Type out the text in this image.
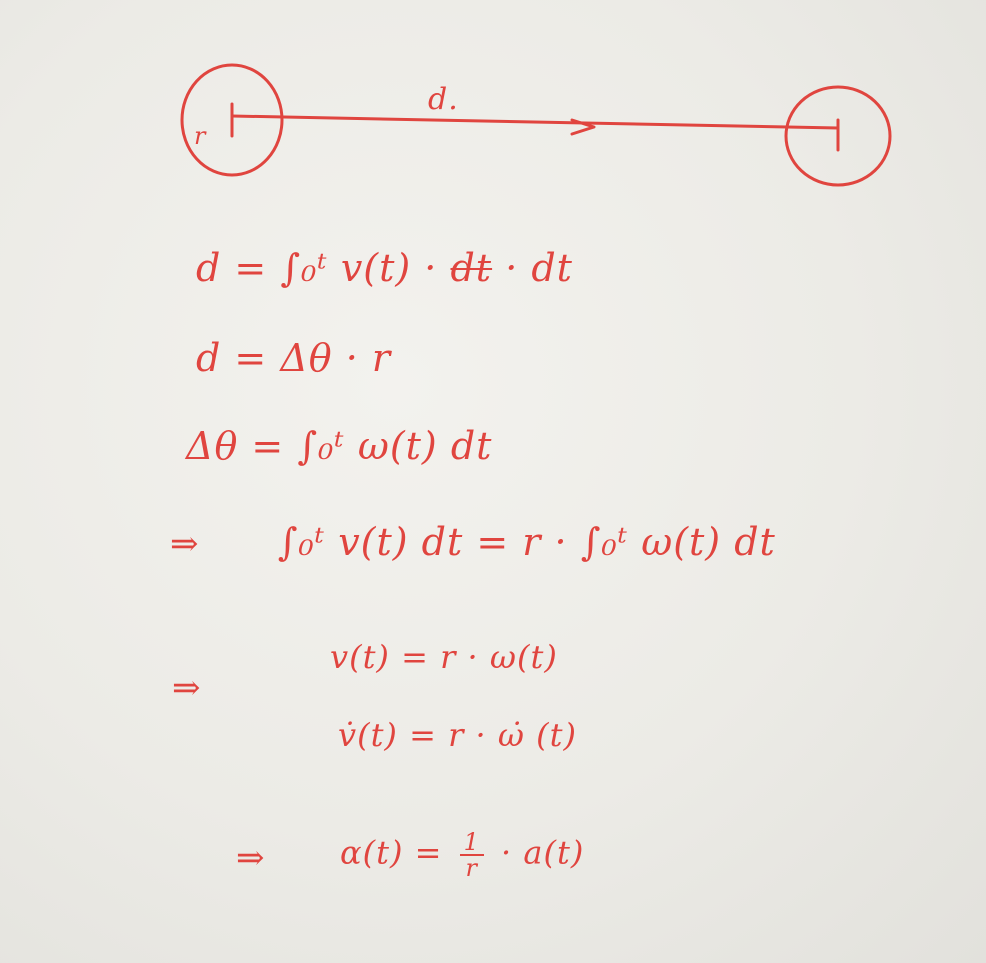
d.
r
d = ∫₀ᵗ v(t) · dt · dt
d = Δθ · r
Δθ = ∫₀ᵗ ω(t) dt
⇒ ∫₀ᵗ v(t) dt = r · ∫₀ᵗ ω(t) dt
⇒
v(t) = r · ω(t)
v̇(t) = r · ω̇ (t)
⇒ $\alpha(t) = \frac{1}{r} \cdot a(t)$
